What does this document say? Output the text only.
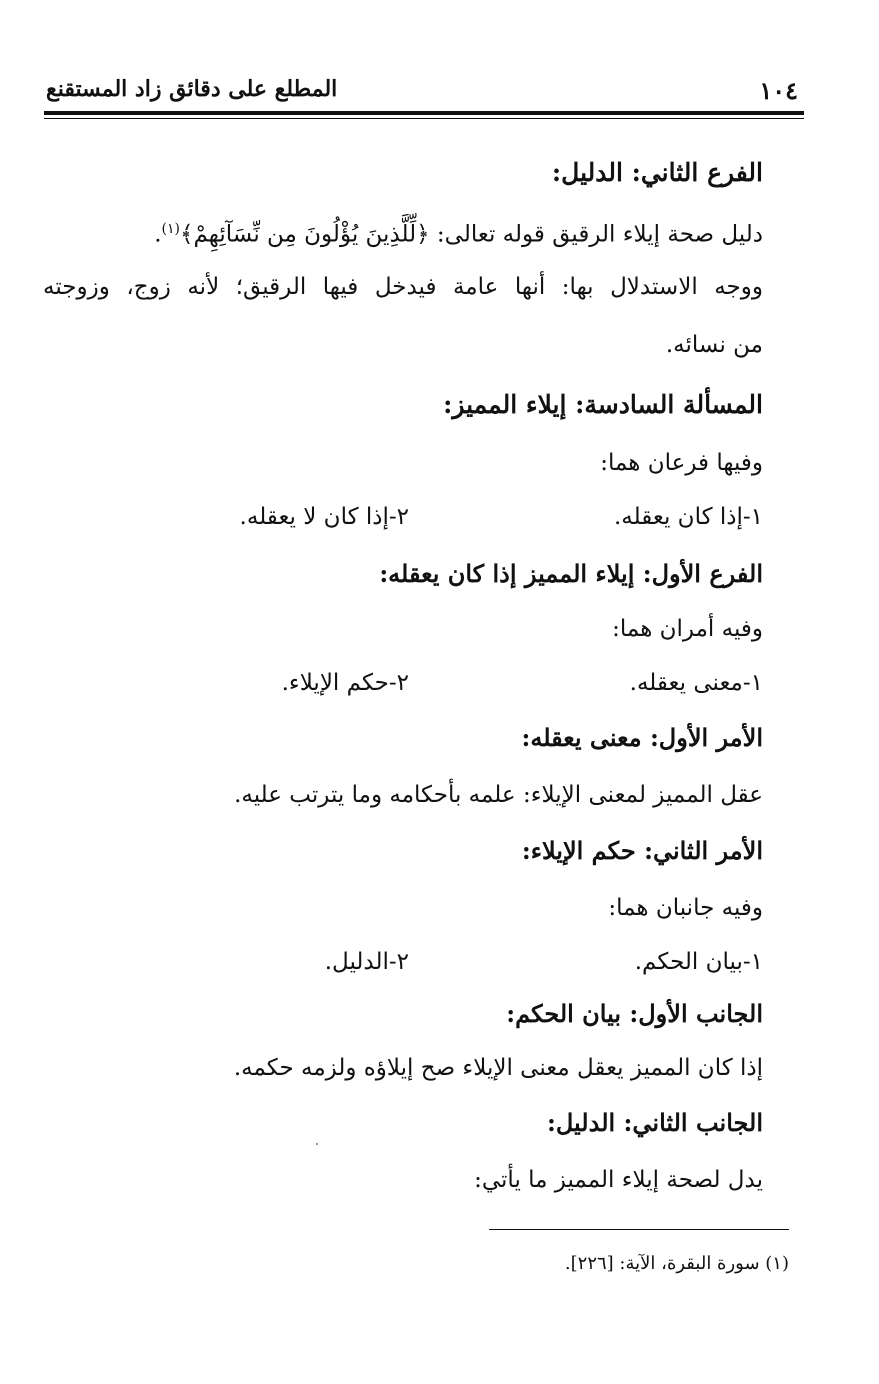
١٠٤
المطلع على دقائق زاد المستقنع
الفرع الثاني: الدليل:
دليل صحة إيلاء الرقيق قوله تعالى: ﴿لِّلَّذِينَ يُؤْلُونَ مِن نِّسَآئِهِمْ﴾$^{(١)}$.
ووجه الاستدلال بها: أنها عامة فيدخل فيها الرقيق؛ لأنه زوج، وزوجته
من نسائه.
المسألة السادسة: إيلاء المميز:
وفيها فرعان هما:
١-إذا كان يعقله.
٢-إذا كان لا يعقله.
الفرع الأول: إيلاء المميز إذا كان يعقله:
وفيه أمران هما:
١-معنى يعقله.
٢-حكم الإيلاء.
الأمر الأول: معنى يعقله:
عقل المميز لمعنى الإيلاء: علمه بأحكامه وما يترتب عليه.
الأمر الثاني: حكم الإيلاء:
وفيه جانبان هما:
١-بيان الحكم.
٢-الدليل.
الجانب الأول: بيان الحكم:
إذا كان المميز يعقل معنى الإيلاء صح إيلاؤه ولزمه حكمه.
الجانب الثاني: الدليل:
يدل لصحة إيلاء المميز ما يأتي:
(١) سورة البقرة، الآية: [٢٢٦].
